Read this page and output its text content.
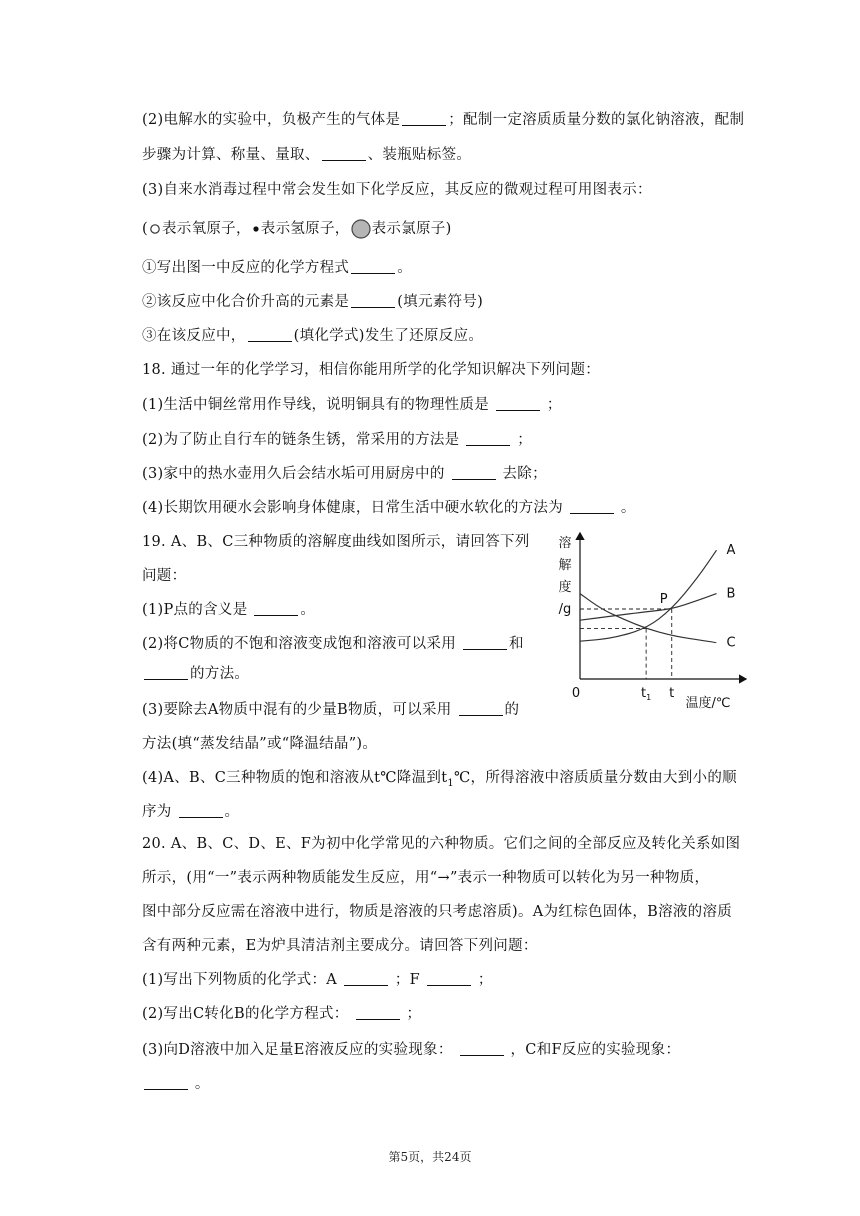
(2)电解水的实验中，负极产生的气体是	；配制一定溶质质量分数的氯化钠溶液，配制
步骤为计算、称量、量取、	、装瓶贴标签。
(3)自来水消毒过程中常会发生如下化学反应，其反应的微观过程可用图表示：
( 表示氧原子， 表示氢原子， 表示氯原子)
①写出图一中反应的化学方程式	。
②该反应中化合价升高的元素是	(填元素符号)
③在该反应中，	(填化学式)发生了还原反应。
18. 通过一年的化学学习，相信你能用所学的化学知识解决下列问题：
(1)生活中铜丝常用作导线，说明铜具有的物理性质是	；
(2)为了防止自行车的链条生锈，常采用的方法是	；
(3)家中的热水壶用久后会结水垢可用厨房中的	去除；
(4)长期饮用硬水会影响身体健康，日常生活中硬水软化的方法为	。
19. A、B、C三种物质的溶解度曲线如图所示，请回答下列
问题：
(1)P点的含义是	。
(2)将C物质的不饱和溶液变成饱和溶液可以采用	和
的方法。
(3)要除去A物质中混有的少量B物质，可以采用	的
方法(填“蒸发结晶”或“降温结晶”)。
(4)A、B、C三种物质的饱和溶液从t℃降温到$t_1℃$，所得溶液中溶质质量分数由大到小的顺
序为	。
溶
解
度
/g
0	$t_1$ t
温度/℃
A
B
C
P
20. A、B、C、D、E、F为初中化学常见的六种物质。它们之间的全部反应及转化关系如图
所示，(用“一”表示两种物质能发生反应，用“→”表示一种物质可以转化为另一种物质，
图中部分反应需在溶液中进行，物质是溶液的只考虑溶质)。A为红棕色固体，B溶液的溶质
含有两种元素，E为炉具清洁剂主要成分。请回答下列问题：
(1)写出下列物质的化学式：A	；F	；
(2)写出C转化B的化学方程式：	；
(3)向D溶液中加入足量E溶液反应的实验现象：	，C和F反应的实验现象：
。
第5页，共24页
